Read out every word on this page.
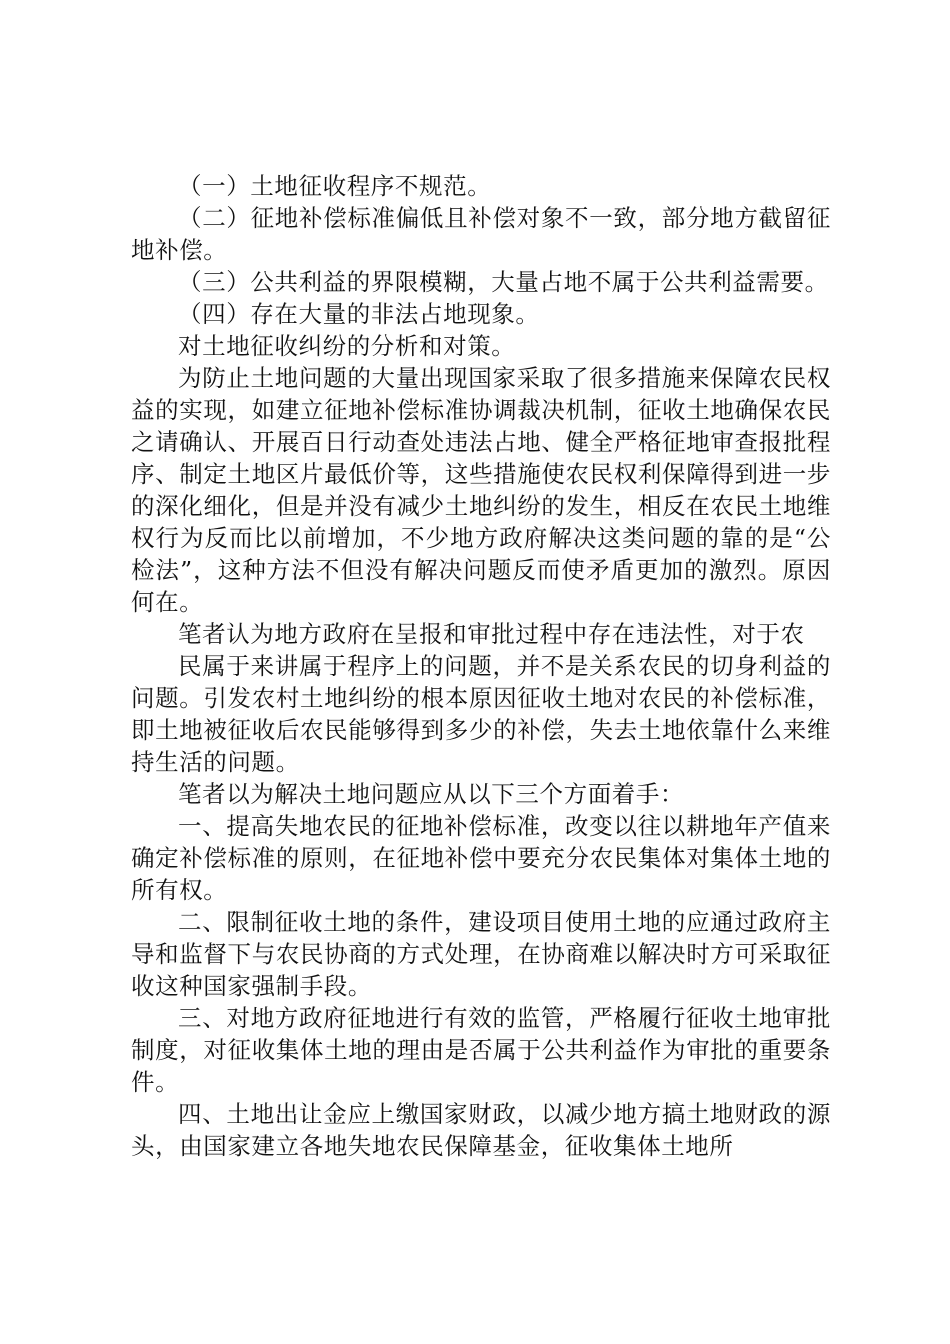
（一）土地征收程序不规范。

（二）征地补偿标准偏低且补偿对象不一致，部分地方截留征地补偿。

（三）公共利益的界限模糊，大量占地不属于公共利益需要。

（四）存在大量的非法占地现象。

对土地征收纠纷的分析和对策。

为防止土地问题的大量出现国家采取了很多措施来保障农民权益的实现，如建立征地补偿标准协调裁决机制，征收土地确保农民之请确认、开展百日行动查处违法占地、健全严格征地审查报批程序、制定土地区片最低价等，这些措施使农民权利保障得到进一步的深化细化，但是并没有减少土地纠纷的发生，相反在农民土地维权行为反而比以前增加，不少地方政府解决这类问题的靠的是“公检法”，这种方法不但没有解决问题反而使矛盾更加的激烈。原因何在。

笔者认为地方政府在呈报和审批过程中存在违法性，对于农

民属于来讲属于程序上的问题，并不是关系农民的切身利益的问题。引发农村土地纠纷的根本原因征收土地对农民的补偿标准，即土地被征收后农民能够得到多少的补偿，失去土地依靠什么来维持生活的问题。

笔者以为解决土地问题应从以下三个方面着手：

一、提高失地农民的征地补偿标准，改变以往以耕地年产值来确定补偿标准的原则，在征地补偿中要充分农民集体对集体土地的所有权。

二、限制征收土地的条件，建设项目使用土地的应通过政府主导和监督下与农民协商的方式处理，在协商难以解决时方可采取征收这种国家强制手段。

三、对地方政府征地进行有效的监管，严格履行征收土地审批制度，对征收集体土地的理由是否属于公共利益作为审批的重要条件。

四、土地出让金应上缴国家财政，以减少地方搞土地财政的源头，由国家建立各地失地农民保障基金，征收集体土地所
